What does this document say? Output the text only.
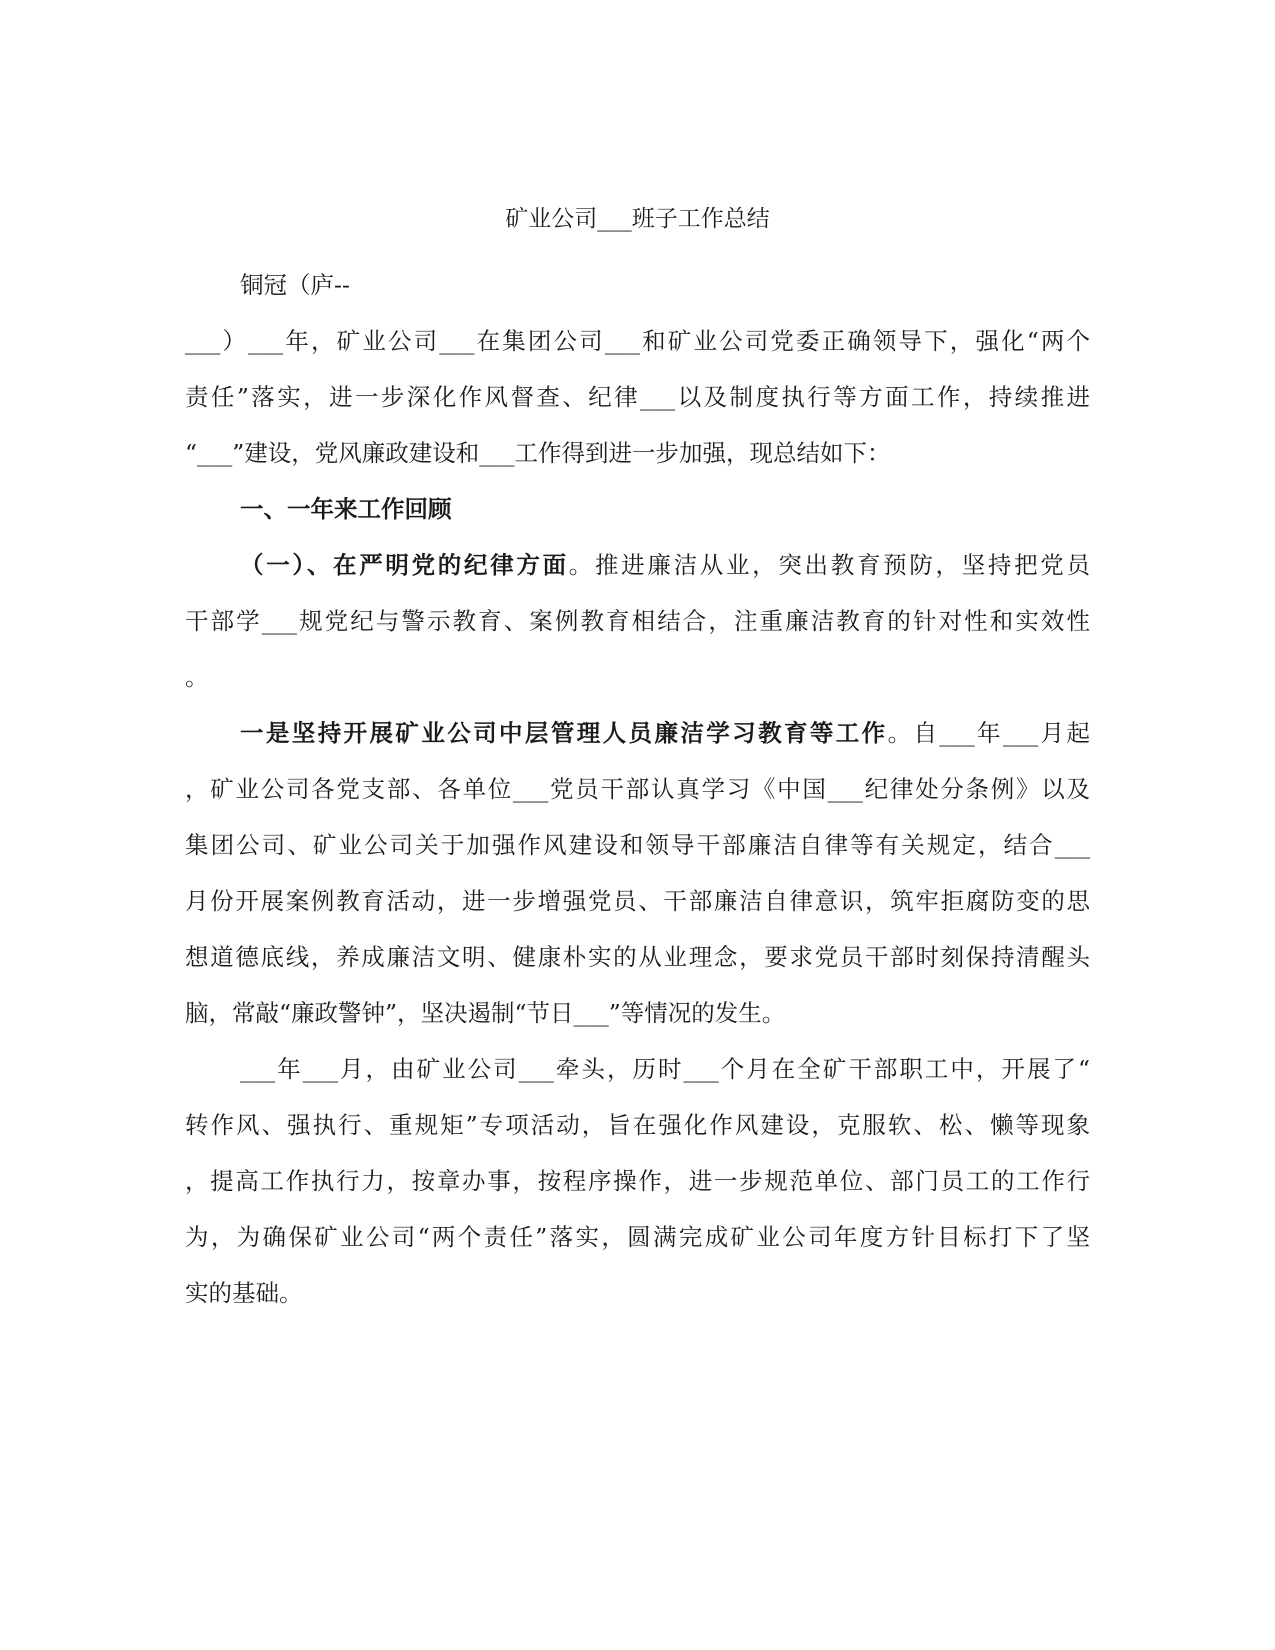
矿业公司___班子工作总结
铜冠（庐--
___）___年，矿业公司___在集团公司___和矿业公司党委正确领导下，强化“两个
责任”落实，进一步深化作风督查、纪律___以及制度执行等方面工作，持续推进
“___”建设，党风廉政建设和___工作得到进一步加强，现总结如下：
一、一年来工作回顾
（一）、在严明党的纪律方面。推进廉洁从业，突出教育预防，坚持把党员
干部学___规党纪与警示教育、案例教育相结合，注重廉洁教育的针对性和实效性
。
一是坚持开展矿业公司中层管理人员廉洁学习教育等工作。自___年___月起
，矿业公司各党支部、各单位___党员干部认真学习《中国___纪律处分条例》以及
集团公司、矿业公司关于加强作风建设和领导干部廉洁自律等有关规定，结合___
月份开展案例教育活动，进一步增强党员、干部廉洁自律意识，筑牢拒腐防变的思
想道德底线，养成廉洁文明、健康朴实的从业理念，要求党员干部时刻保持清醒头
脑，常敲“廉政警钟”，坚决遏制“节日___”等情况的发生。
___年___月，由矿业公司___牵头，历时___个月在全矿干部职工中，开展了“
转作风、强执行、重规矩”专项活动，旨在强化作风建设，克服软、松、懒等现象
，提高工作执行力，按章办事，按程序操作，进一步规范单位、部门员工的工作行
为，为确保矿业公司“两个责任”落实，圆满完成矿业公司年度方针目标打下了坚
实的基础。
